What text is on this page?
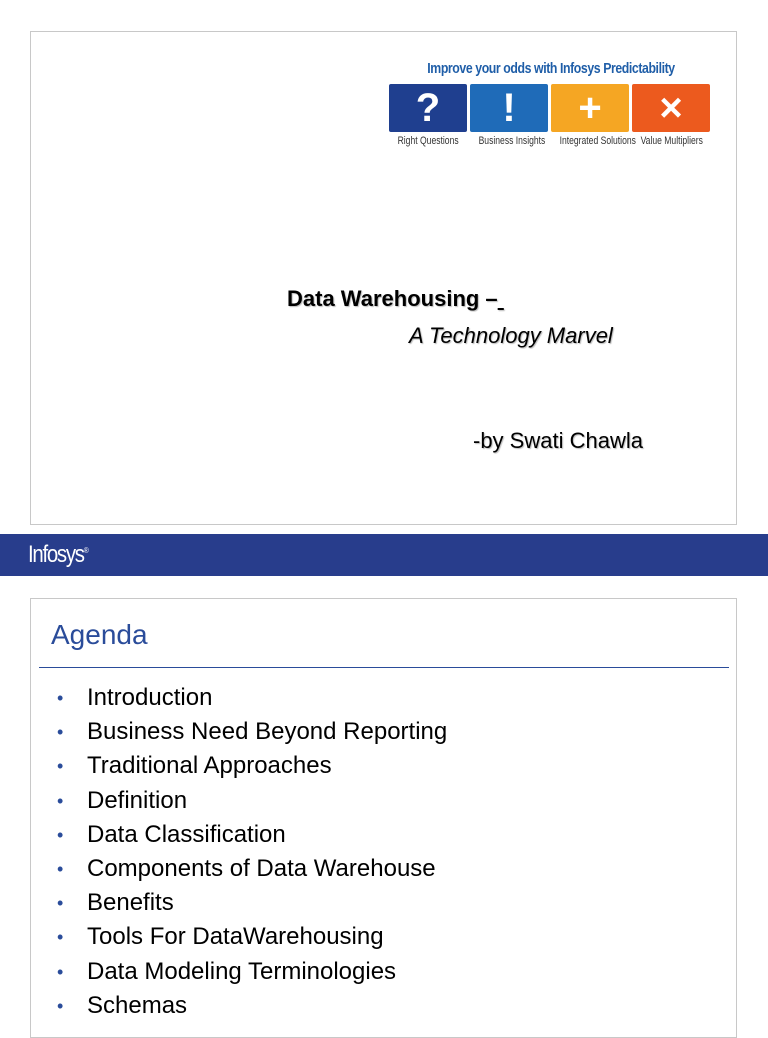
Improve your odds with Infosys Predictability
? ! + ×
Right Questions Business Insights Integrated Solutions Value Multipliers
Data Warehousing –
A Technology Marvel
-by Swati Chawla
Infosys®
Agenda
• Introduction
• Business Need Beyond Reporting
• Traditional Approaches
• Definition
• Data Classification
• Components of Data Warehouse
• Benefits
• Tools For DataWarehousing
• Data Modeling Terminologies
• Schemas
